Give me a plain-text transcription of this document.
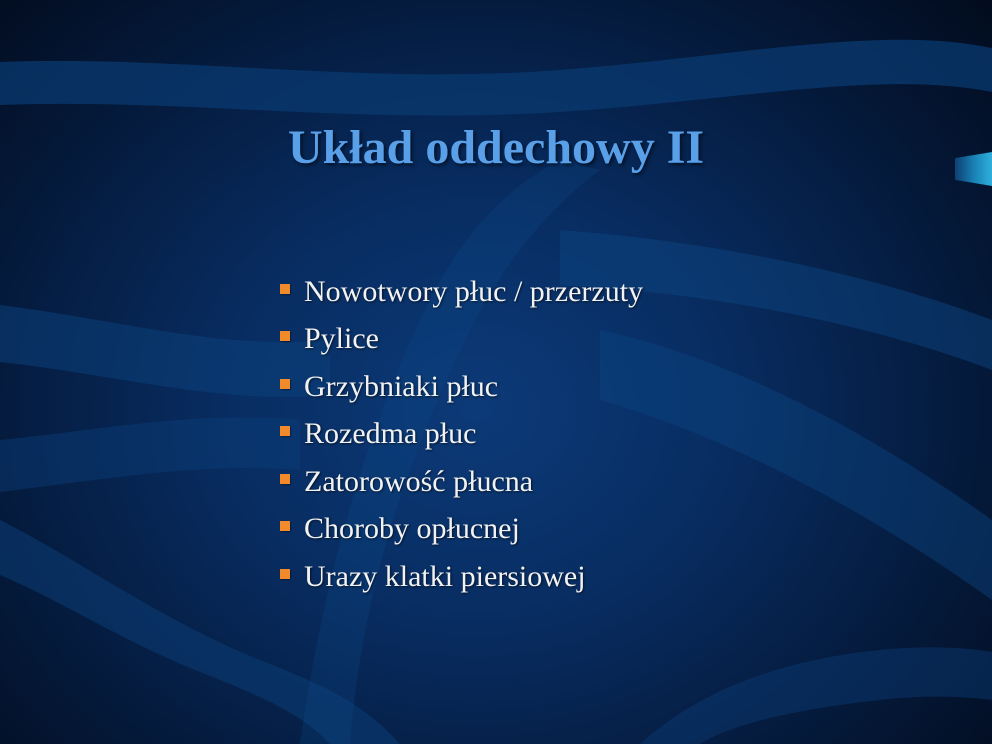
Układ oddechowy II
Nowotwory płuc / przerzuty
Pylice
Grzybniaki płuc
Rozedma płuc
Zatorowość płucna
Choroby opłucnej
Urazy klatki piersiowej
